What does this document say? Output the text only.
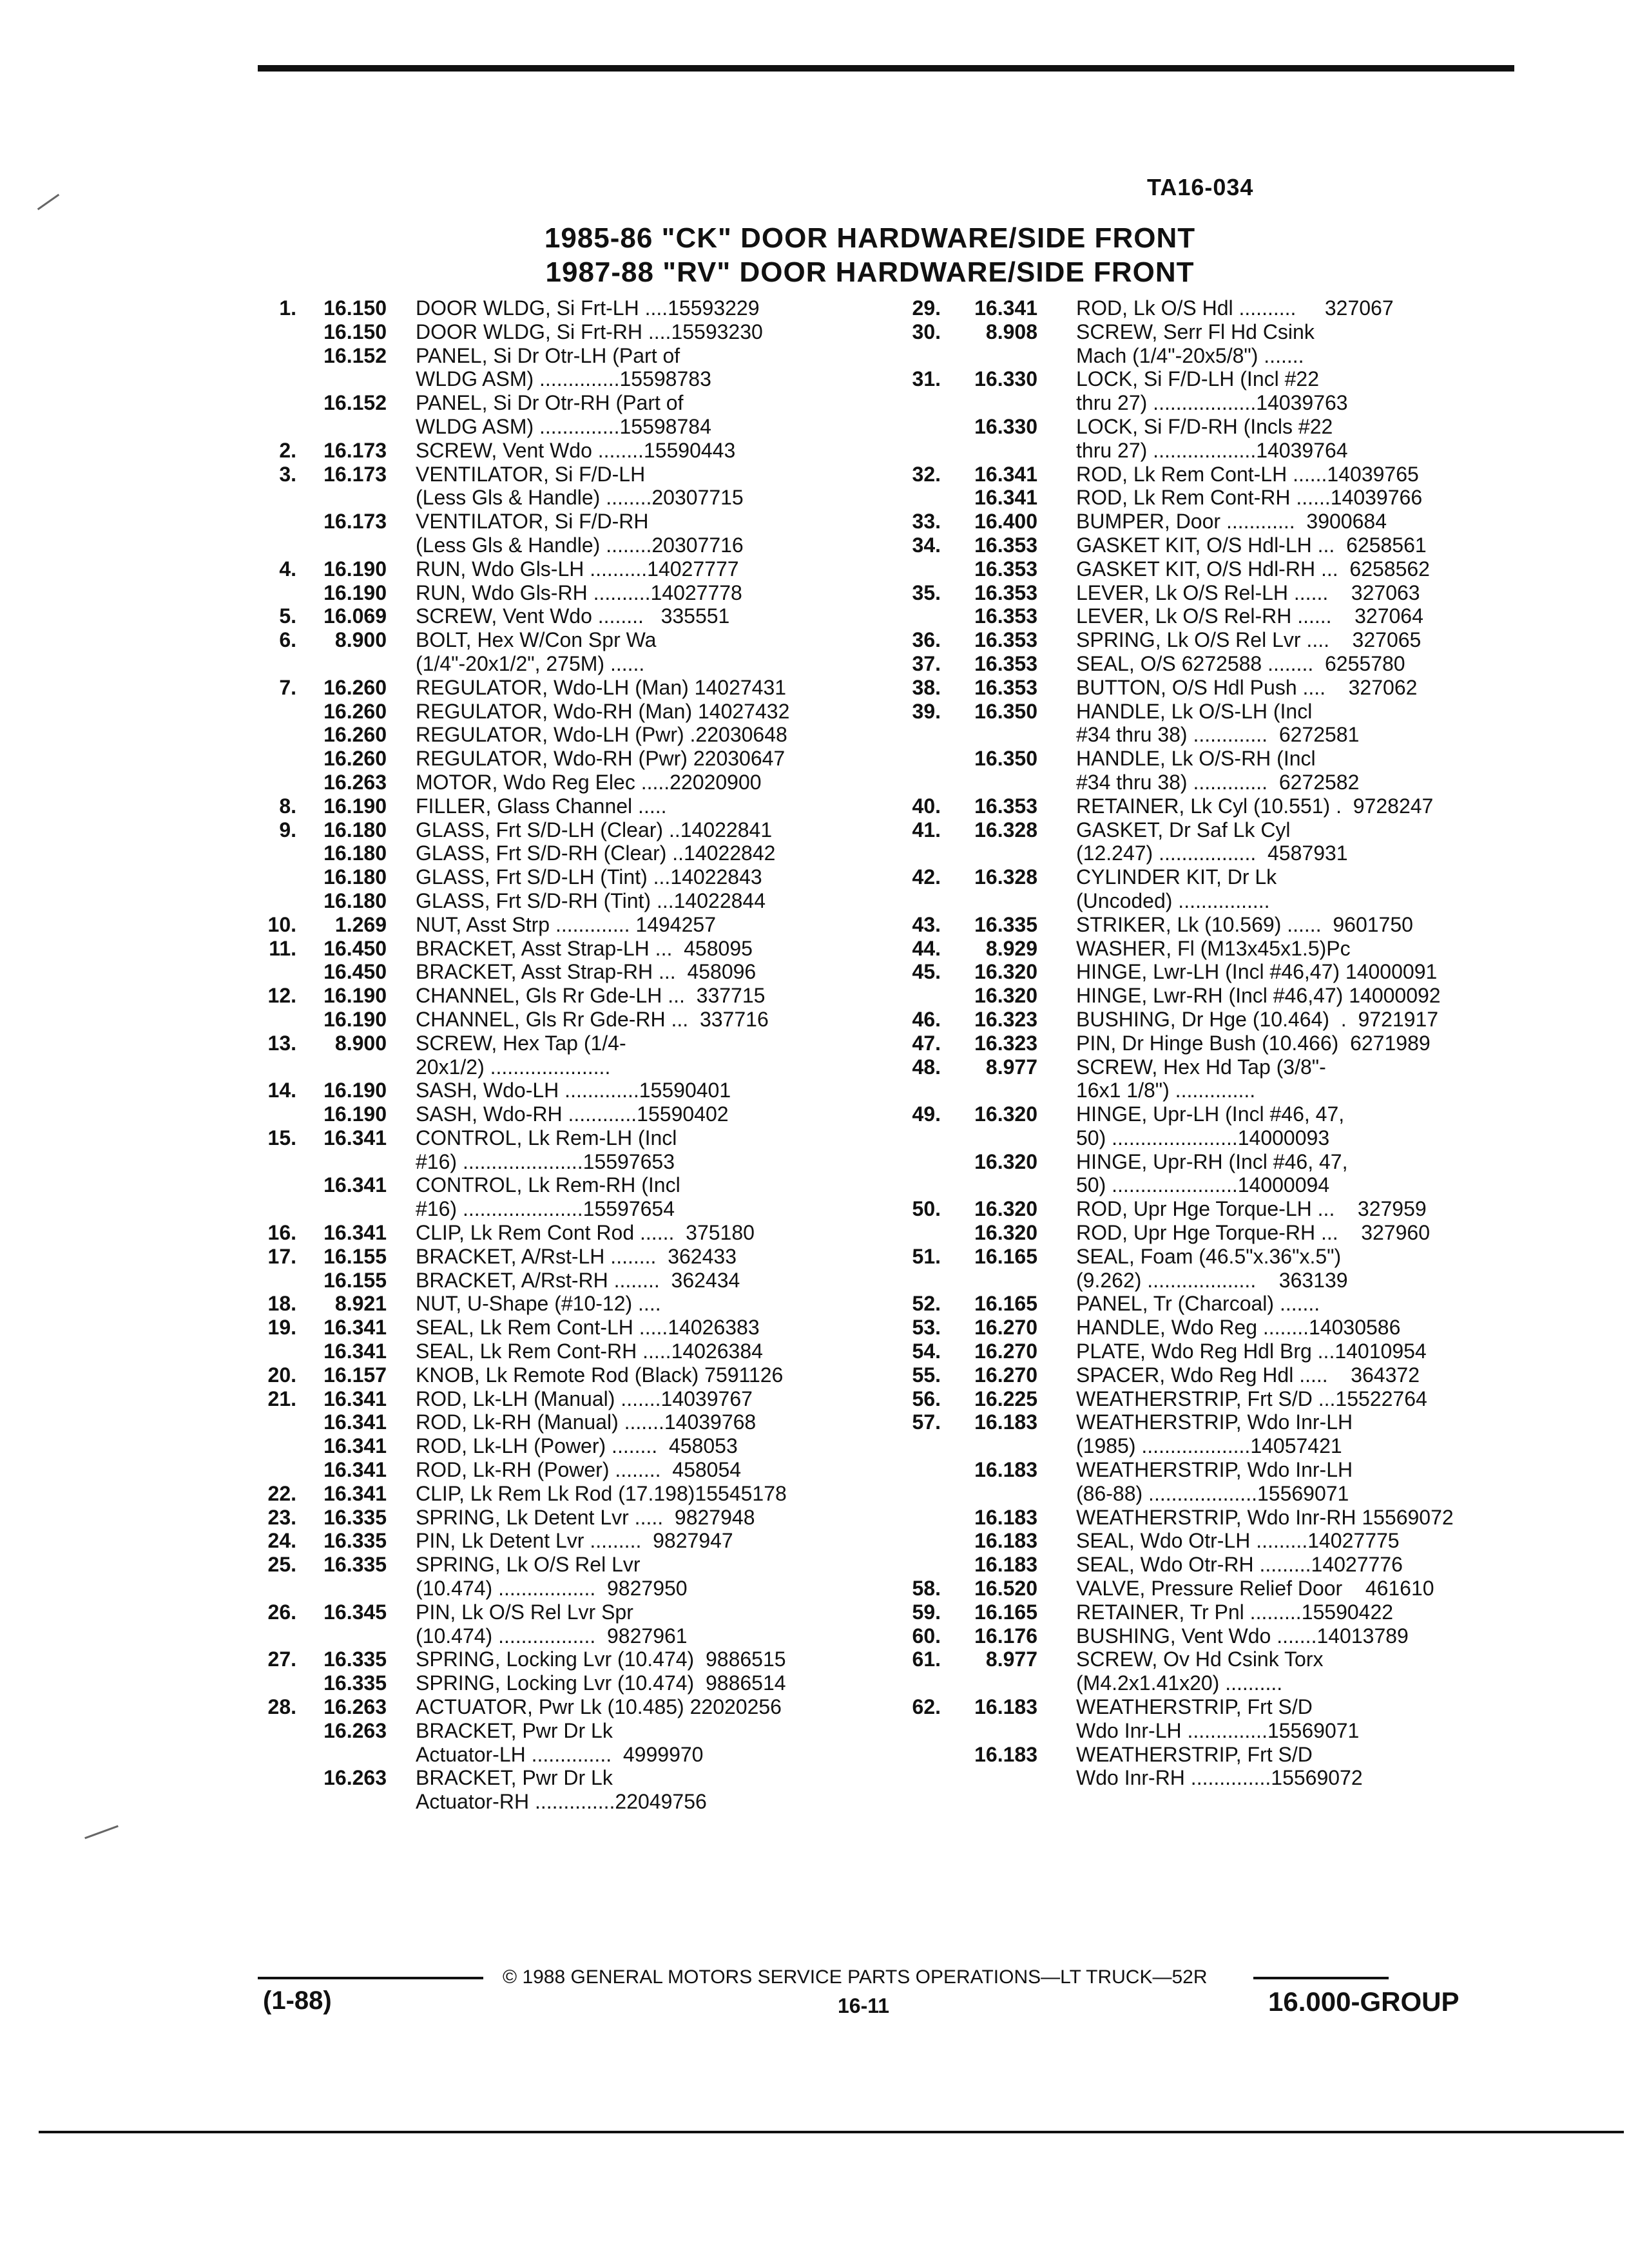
TA16-034
1985-86 "CK" DOOR HARDWARE/SIDE FRONT
1987-88 "RV" DOOR HARDWARE/SIDE FRONT
1.	16.150 DOOR WLDG, Si Frt-LH ....15593229
16.150 DOOR WLDG, Si Frt-RH ....15593230
16.152 PANEL, Si Dr Otr-LH (Part of
WLDG ASM) ..............15598783
16.152 PANEL, Si Dr Otr-RH (Part of
WLDG ASM) ..............15598784
2.	16.173 SCREW, Vent Wdo ........15590443
3.	16.173 VENTILATOR, Si F/D-LH
(Less Gls & Handle) ........20307715
16.173 VENTILATOR, Si F/D-RH
(Less Gls & Handle) ........20307716
4.	16.190 RUN, Wdo Gls-LH ..........14027777
16.190 RUN, Wdo Gls-RH ..........14027778
5.	16.069 SCREW, Vent Wdo ........   335551
6.	8.900 BOLT, Hex W/Con Spr Wa
(1/4"-20x1/2", 275M) ......
7.	16.260 REGULATOR, Wdo-LH (Man) 14027431
16.260 REGULATOR, Wdo-RH (Man) 14027432
16.260 REGULATOR, Wdo-LH (Pwr) .22030648
16.260 REGULATOR, Wdo-RH (Pwr) 22030647
16.263 MOTOR, Wdo Reg Elec .....22020900
8.	16.190 FILLER, Glass Channel .....
9.	16.180 GLASS, Frt S/D-LH (Clear) ..14022841
16.180 GLASS, Frt S/D-RH (Clear) ..14022842
16.180 GLASS, Frt S/D-LH (Tint) ...14022843
16.180 GLASS, Frt S/D-RH (Tint) ...14022844
10.	1.269 NUT, Asst Strp ............. 1494257
11.	16.450 BRACKET, Asst Strap-LH ...  458095
16.450 BRACKET, Asst Strap-RH ...  458096
12.	16.190 CHANNEL, Gls Rr Gde-LH ...  337715
16.190 CHANNEL, Gls Rr Gde-RH ...  337716
13.	8.900 SCREW, Hex Tap (1/4-
20x1/2) .....................
14.	16.190 SASH, Wdo-LH .............15590401
16.190 SASH, Wdo-RH ............15590402
15.	16.341 CONTROL, Lk Rem-LH (Incl
#16) .....................15597653
16.341 CONTROL, Lk Rem-RH (Incl
#16) .....................15597654
16.	16.341 CLIP, Lk Rem Cont Rod ......  375180
17.	16.155 BRACKET, A/Rst-LH ........  362433
16.155 BRACKET, A/Rst-RH ........  362434
18.	8.921 NUT, U-Shape (#10-12) ....
19.	16.341 SEAL, Lk Rem Cont-LH .....14026383
16.341 SEAL, Lk Rem Cont-RH .....14026384
20.	16.157 KNOB, Lk Remote Rod (Black) 7591126
21.	16.341 ROD, Lk-LH (Manual) .......14039767
16.341 ROD, Lk-RH (Manual) .......14039768
16.341 ROD, Lk-LH (Power) ........  458053
16.341 ROD, Lk-RH (Power) ........  458054
22.	16.341 CLIP, Lk Rem Lk Rod (17.198)15545178
23.	16.335 SPRING, Lk Detent Lvr .....  9827948
24.	16.335 PIN, Lk Detent Lvr .........  9827947
25.	16.335 SPRING, Lk O/S Rel Lvr
(10.474) .................  9827950
26.	16.345 PIN, Lk O/S Rel Lvr Spr
(10.474) .................  9827961
27.	16.335 SPRING, Locking Lvr (10.474)  9886515
16.335 SPRING, Locking Lvr (10.474)  9886514
28.	16.263 ACTUATOR, Pwr Lk (10.485) 22020256
16.263 BRACKET, Pwr Dr Lk
Actuator-LH ..............  4999970
16.263 BRACKET, Pwr Dr Lk
Actuator-RH ..............22049756
29.	16.341 ROD, Lk O/S Hdl ..........     327067
30.	8.908 SCREW, Serr Fl Hd Csink
Mach (1/4"-20x5/8") .......
31.	16.330 LOCK, Si F/D-LH (Incl #22
thru 27) ..................14039763
16.330 LOCK, Si F/D-RH (Incls #22
thru 27) ..................14039764
32.	16.341 ROD, Lk Rem Cont-LH ......14039765
16.341 ROD, Lk Rem Cont-RH ......14039766
33.	16.400 BUMPER, Door ............  3900684
34.	16.353 GASKET KIT, O/S Hdl-LH ...  6258561
16.353 GASKET KIT, O/S Hdl-RH ...  6258562
35.	16.353 LEVER, Lk O/S Rel-LH ......    327063
16.353 LEVER, Lk O/S Rel-RH ......    327064
36.	16.353 SPRING, Lk O/S Rel Lvr ....    327065
37.	16.353 SEAL, O/S 6272588 ........  6255780
38.	16.353 BUTTON, O/S Hdl Push ....    327062
39.	16.350 HANDLE, Lk O/S-LH (Incl
#34 thru 38) .............  6272581
16.350 HANDLE, Lk O/S-RH (Incl
#34 thru 38) .............  6272582
40.	16.353 RETAINER, Lk Cyl (10.551) .  9728247
41.	16.328 GASKET, Dr Saf Lk Cyl
(12.247) .................  4587931
42.	16.328 CYLINDER KIT, Dr Lk
(Uncoded) ................
43.	16.335 STRIKER, Lk (10.569) ......  9601750
44.	8.929 WASHER, Fl (M13x45x1.5)Pc
45.	16.320 HINGE, Lwr-LH (Incl #46,47) 14000091
16.320 HINGE, Lwr-RH (Incl #46,47) 14000092
46.	16.323 BUSHING, Dr Hge (10.464)  .  9721917
47.	16.323 PIN, Dr Hinge Bush (10.466)  6271989
48.	8.977 SCREW, Hex Hd Tap (3/8"-
16x1 1/8") ..............
49.	16.320 HINGE, Upr-LH (Incl #46, 47,
50) ......................14000093
16.320 HINGE, Upr-RH (Incl #46, 47,
50) ......................14000094
50.	16.320 ROD, Upr Hge Torque-LH ...    327959
16.320 ROD, Upr Hge Torque-RH ...    327960
51.	16.165 SEAL, Foam (46.5"x.36"x.5")
(9.262) ...................    363139
52.	16.165 PANEL, Tr (Charcoal) .......
53.	16.270 HANDLE, Wdo Reg ........14030586
54.	16.270 PLATE, Wdo Reg Hdl Brg ...14010954
55.	16.270 SPACER, Wdo Reg Hdl .....    364372
56.	16.225 WEATHERSTRIP, Frt S/D ...15522764
57.	16.183 WEATHERSTRIP, Wdo Inr-LH
(1985) ...................14057421
16.183 WEATHERSTRIP, Wdo Inr-LH
(86-88) ...................15569071
16.183 WEATHERSTRIP, Wdo Inr-RH 15569072
16.183 SEAL, Wdo Otr-LH .........14027775
16.183 SEAL, Wdo Otr-RH .........14027776
58.	16.520 VALVE, Pressure Relief Door    461610
59.	16.165 RETAINER, Tr Pnl .........15590422
60.	16.176 BUSHING, Vent Wdo .......14013789
61.	8.977 SCREW, Ov Hd Csink Torx
(M4.2x1.41x20) ..........
62.	16.183 WEATHERSTRIP, Frt S/D
Wdo Inr-LH ..............15569071
16.183 WEATHERSTRIP, Frt S/D
Wdo Inr-RH ..............15569072
© 1988 GENERAL MOTORS SERVICE PARTS OPERATIONS—LT TRUCK—52R
(1-88)	16-11	16.000-GROUP
